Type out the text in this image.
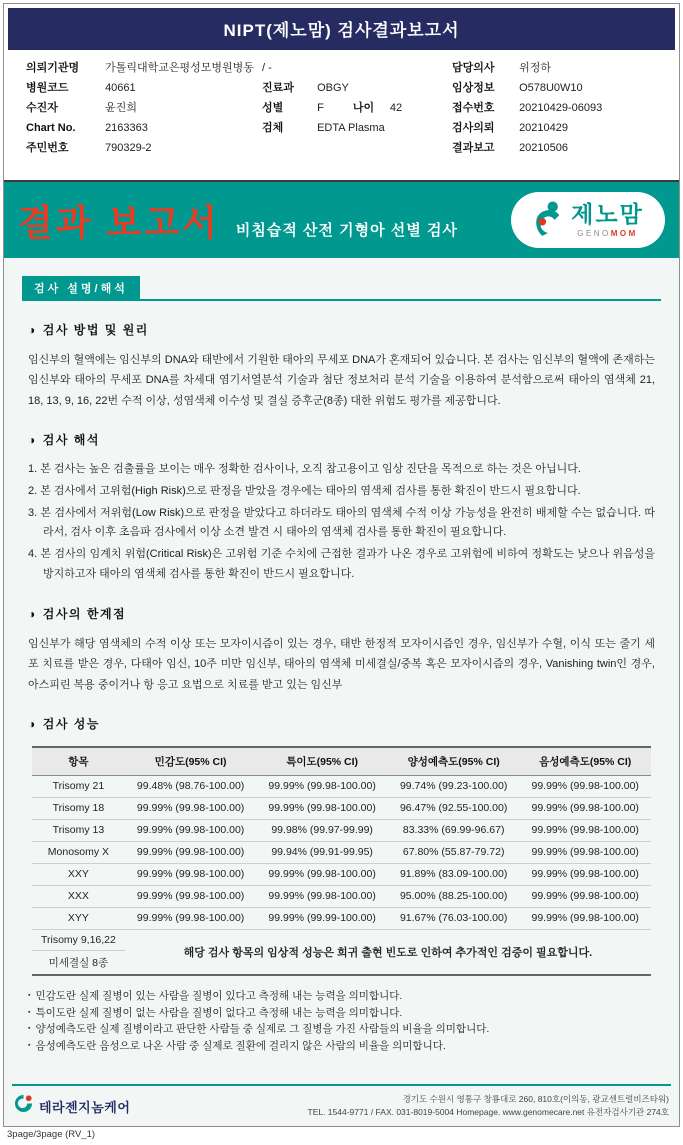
NIPT(제노맘) 검사결과보고서
의뢰기관명 가톨릭대학교은평성모병원병동
병원코드	40661
수진자	윤진희
Chart No.	2163363
주민번호	790329-2
/ -
진료과 OBGY
성별	F	나이 42
검체	EDTA Plasma
담당의사 위정하
임상정보 O578U0W10
접수번호 20210429-06093
검사의뢰 20210429
결과보고 20210506
결과 보고서 비침습적 산전 기형아 선별 검사
제노맘
GENOMOM
검사 설명/해석
◑ 검사 방법 및 원리
임신부의 혈액에는 임신부의 DNA와 태반에서 기원한 태아의 무세포 DNA가 혼재되어 있습니다. 본 검사는 임신부의 혈액에 존재하는 임신부와 태아의 무세포 DNA를 차세대 염기서열분석 기술과 첨단 정보처리 분석 기술을 이용하여 분석함으로써 태아의 염색체 21, 18, 13, 9, 16, 22번 수적 이상, 성염색체 이수성 및 결실 증후군(8종) 대한 위험도 평가를 제공합니다.
◑ 검사 해석
1. 본 검사는 높은 검출률을 보이는 매우 정확한 검사이나, 오직 참고용이고 임상 진단을 목적으로 하는 것은 아닙니다.
2. 본 검사에서 고위험(High Risk)으로 판정을 받았을 경우에는 태아의 염색체 검사를 통한 확진이 반드시 필요합니다.
3. 본 검사에서 저위험(Low Risk)으로 판정을 받았다고 하더라도 태아의 염색체 수적 이상 가능성을 완전히 배제할 수는 없습니다. 따라서, 검사 이후 초음파 검사에서 이상 소견 발견 시 태아의 염색체 검사를 통한 확진이 필요합니다.
4. 본 검사의 임계치 위험(Critical Risk)은 고위험 기준 수치에 근접한 결과가 나온 경우로 고위험에 비하여 정확도는 낮으나 위음성을 방지하고자 태아의 염색체 검사를 통한 확진이 반드시 필요합니다.
◑ 검사의 한계점
임신부가 해당 염색체의 수적 이상 또는 모자이시즘이 있는 경우, 태반 한정적 모자이시즘인 경우, 임신부가 수혈, 이식 또는 줄기 세포 치료를 받은 경우, 다태아 임신, 10주 미만 임신부, 태아의 염색체 미세결실/중복 혹은 모자이시즘의 경우, Vanishing twin인 경우, 아스피린 복용 중이거나 항 응고 요법으로 치료를 받고 있는 임신부
◑ 검사 성능
항목	민감도(95% CI)	특이도(95% CI)	양성예측도(95% CI)	음성예측도(95% CI)
Trisomy 21	99.48% (98.76-100.00)	99.99% (99.98-100.00)	99.74% (99.23-100.00)	99.99% (99.98-100.00)
Trisomy 18	99.99% (99.98-100.00)	99.99% (99.98-100.00)	96.47% (92.55-100.00)	99.99% (99.98-100.00)
Trisomy 13	99.99% (99.98-100.00)	99.98% (99.97-99.99)	83.33% (69.99-96.67)	99.99% (99.98-100.00)
Monosomy X	99.99% (99.98-100.00)	99.94% (99.91-99.95)	67.80% (55.87-79.72)	99.99% (99.98-100.00)
XXY	99.99% (99.98-100.00)	99.99% (99.98-100.00)	91.89% (83.09-100.00)	99.99% (99.98-100.00)
XXX	99.99% (99.98-100.00)	99.99% (99.98-100.00)	95.00% (88.25-100.00)	99.99% (99.98-100.00)
XYY	99.99% (99.98-100.00)	99.99% (99.99-100.00)	91.67% (76.03-100.00)	99.99% (99.98-100.00)
Trisomy 9,16,22	해당 검사 항목의 임상적 성능은 희귀 출현 빈도로 인하여 추가적인 검증이 필요합니다.			
미세결실 8종				
▪ 민감도란 실제 질병이 있는 사람을 질병이 있다고 측정해 내는 능력을 의미합니다.
▪ 특이도란 실제 질병이 없는 사람을 질병이 없다고 측정해 내는 능력을 의미합니다.
▪ 양성예측도란 실제 질병이라고 판단한 사람들 중 실제로 그 질병을 가진 사람들의 비율을 의미합니다.
▪ 음성예측도란 음성으로 나온 사람 중 실제로 질환에 걸리지 않은 사람의 비율을 의미합니다.
테라젠지놈케어
경기도 수원시 영통구 창룡대로 260, 810호(이의동, 광교센트럴비즈타워)
TEL. 1544-9771 / FAX. 031-8019-5004 Homepage. www.genomecare.net 유전자검사기관 274호
3page/3page (RV_1)
